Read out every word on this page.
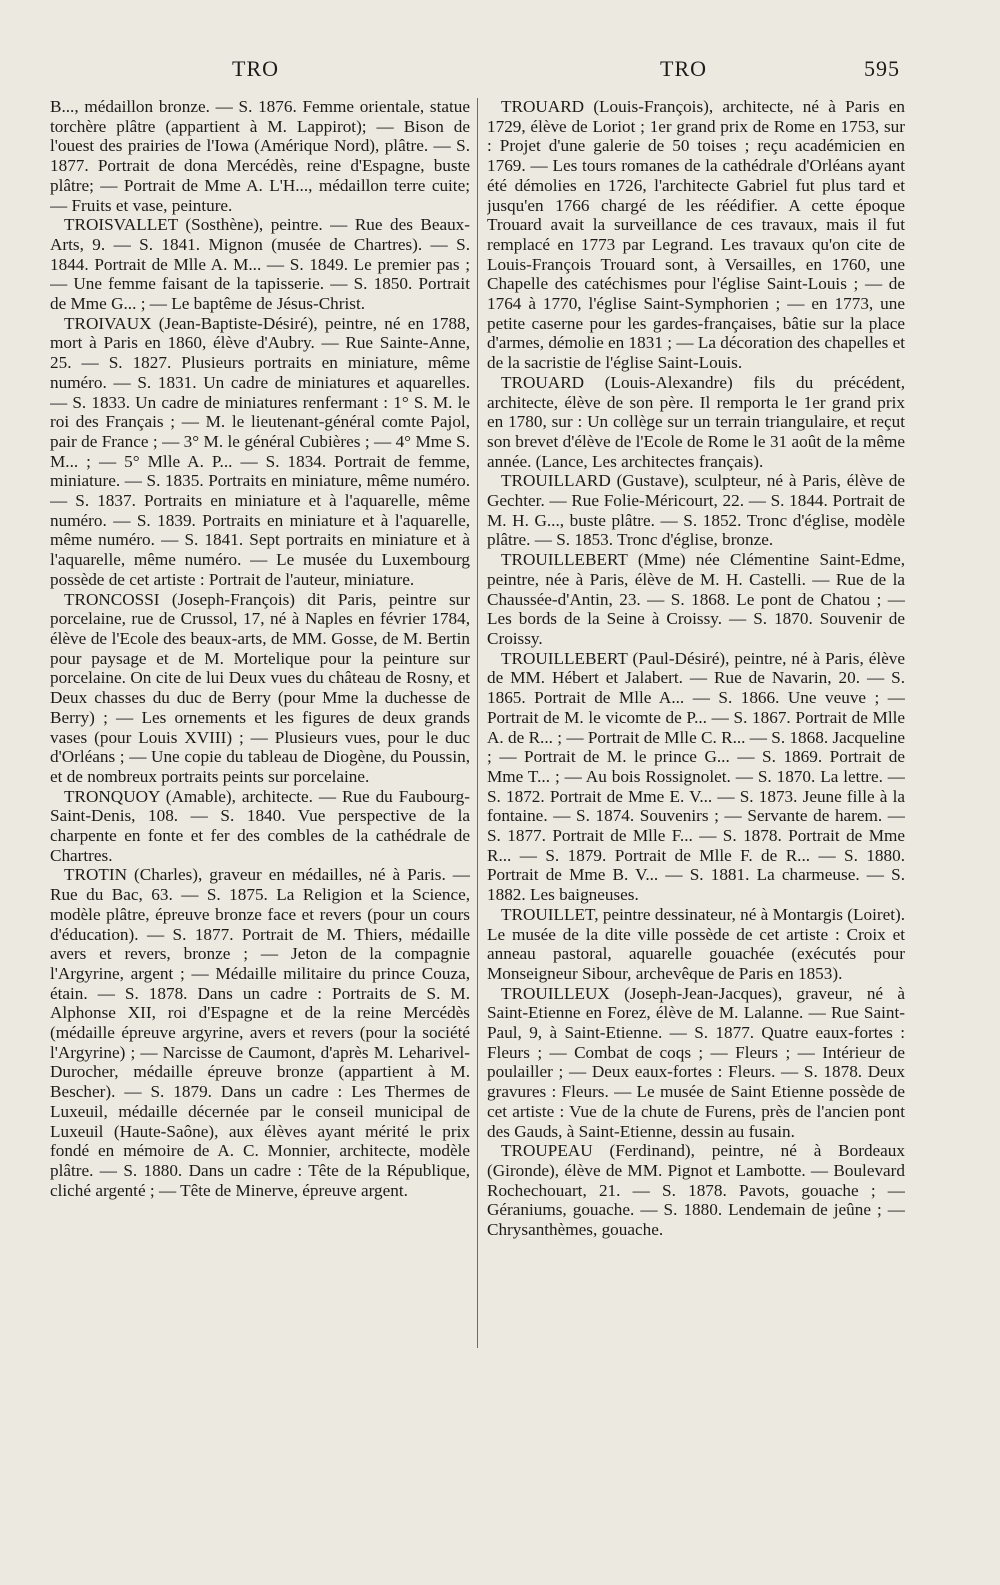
TRO	TRO	595

B..., médaillon bronze. — S. 1876. Femme orientale, statue torchère plâtre (appartient à M. Lappirot); — Bison de l'ouest des prairies de l'Iowa (Amérique Nord), plâtre. — S. 1877. Portrait de dona Mercédès, reine d'Espagne, buste plâtre; — Portrait de Mme A. L'H..., médaillon terre cuite; — Fruits et vase, peinture.

TROISVALLET (Sosthène), peintre. — Rue des Beaux-Arts, 9. — S. 1841. Mignon (musée de Chartres). — S. 1844. Portrait de Mlle A. M... — S. 1849. Le premier pas ; — Une femme faisant de la tapisserie. — S. 1850. Portrait de Mme G... ; — Le baptême de Jésus-Christ.

TROIVAUX (Jean-Baptiste-Désiré), peintre, né en 1788, mort à Paris en 1860, élève d'Aubry. — Rue Sainte-Anne, 25. — S. 1827. Plusieurs portraits en miniature, même numéro. — S. 1831. Un cadre de miniatures et aquarelles. — S. 1833. Un cadre de miniatures renfermant : 1° S. M. le roi des Français ; — M. le lieutenant-général comte Pajol, pair de France ; — 3° M. le général Cubières ; — 4° Mme S. M... ; — 5° Mlle A. P... — S. 1834. Portrait de femme, miniature. — S. 1835. Portraits en miniature, même numéro. — S. 1837. Portraits en miniature et à l'aquarelle, même numéro. — S. 1839. Portraits en miniature et à l'aquarelle, même numéro. — S. 1841. Sept portraits en miniature et à l'aquarelle, même numéro. — Le musée du Luxembourg possède de cet artiste : Portrait de l'auteur, miniature.

TRONCOSSI (Joseph-François) dit Paris, peintre sur porcelaine, rue de Crussol, 17, né à Naples en février 1784, élève de l'Ecole des beaux-arts, de MM. Gosse, de M. Bertin pour paysage et de M. Mortelique pour la peinture sur porcelaine. On cite de lui Deux vues du château de Rosny, et Deux chasses du duc de Berry (pour Mme la duchesse de Berry) ; — Les ornements et les figures de deux grands vases (pour Louis XVIII) ; — Plusieurs vues, pour le duc d'Orléans ; — Une copie du tableau de Diogène, du Poussin, et de nombreux portraits peints sur porcelaine.

TRONQUOY (Amable), architecte. — Rue du Faubourg-Saint-Denis, 108. — S. 1840. Vue perspective de la charpente en fonte et fer des combles de la cathédrale de Chartres.

TROTIN (Charles), graveur en médailles, né à Paris. — Rue du Bac, 63. — S. 1875. La Religion et la Science, modèle plâtre, épreuve bronze face et revers (pour un cours d'éducation). — S. 1877. Portrait de M. Thiers, médaille avers et revers, bronze ; — Jeton de la compagnie l'Argyrine, argent ; — Médaille militaire du prince Couza, étain. — S. 1878. Dans un cadre : Portraits de S. M. Alphonse XII, roi d'Espagne et de la reine Mercédès (médaille épreuve argyrine, avers et revers (pour la société l'Argyrine) ; — Narcisse de Caumont, d'après M. Leharivel-Durocher, médaille épreuve bronze (appartient à M. Bescher). — S. 1879. Dans un cadre : Les Thermes de Luxeuil, médaille décernée par le conseil municipal de Luxeuil (Haute-Saône), aux élèves ayant mérité le prix fondé en mémoire de A. C. Monnier, architecte, modèle plâtre. — S. 1880. Dans un cadre : Tête de la République, cliché argenté ; — Tête de Minerve, épreuve argent.

TROUARD (Louis-François), architecte, né à Paris en 1729, élève de Loriot ; 1er grand prix de Rome en 1753, sur : Projet d'une galerie de 50 toises ; reçu académicien en 1769. — Les tours romanes de la cathédrale d'Orléans ayant été démolies en 1726, l'architecte Gabriel fut plus tard et jusqu'en 1766 chargé de les réédifier. A cette époque Trouard avait la surveillance de ces travaux, mais il fut remplacé en 1773 par Legrand. Les travaux qu'on cite de Louis-François Trouard sont, à Versailles, en 1760, une Chapelle des catéchismes pour l'église Saint-Louis ; — de 1764 à 1770, l'église Saint-Symphorien ; — en 1773, une petite caserne pour les gardes-françaises, bâtie sur la place d'armes, démolie en 1831 ; — La décoration des chapelles et de la sacristie de l'église Saint-Louis.

TROUARD (Louis-Alexandre) fils du précédent, architecte, élève de son père. Il remporta le 1er grand prix en 1780, sur : Un collège sur un terrain triangulaire, et reçut son brevet d'élève de l'Ecole de Rome le 31 août de la même année. (Lance, Les architectes français).

TROUILLARD (Gustave), sculpteur, né à Paris, élève de Gechter. — Rue Folie-Méricourt, 22. — S. 1844. Portrait de M. H. G..., buste plâtre. — S. 1852. Tronc d'église, modèle plâtre. — S. 1853. Tronc d'église, bronze.

TROUILLEBERT (Mme) née Clémentine Saint-Edme, peintre, née à Paris, élève de M. H. Castelli. — Rue de la Chaussée-d'Antin, 23. — S. 1868. Le pont de Chatou ; — Les bords de la Seine à Croissy. — S. 1870. Souvenir de Croissy.

TROUILLEBERT (Paul-Désiré), peintre, né à Paris, élève de MM. Hébert et Jalabert. — Rue de Navarin, 20. — S. 1865. Portrait de Mlle A... — S. 1866. Une veuve ; — Portrait de M. le vicomte de P... — S. 1867. Portrait de Mlle A. de R... ; — Portrait de Mlle C. R... — S. 1868. Jacqueline ; — Portrait de M. le prince G... — S. 1869. Portrait de Mme T... ; — Au bois Rossignolet. — S. 1870. La lettre. — S. 1872. Portrait de Mme E. V... — S. 1873. Jeune fille à la fontaine. — S. 1874. Souvenirs ; — Servante de harem. — S. 1877. Portrait de Mlle F... — S. 1878. Portrait de Mme R... — S. 1879. Portrait de Mlle F. de R... — S. 1880. Portrait de Mme B. V... — S. 1881. La charmeuse. — S. 1882. Les baigneuses.

TROUILLET, peintre dessinateur, né à Montargis (Loiret). Le musée de la dite ville possède de cet artiste : Croix et anneau pastoral, aquarelle gouachée (exécutés pour Monseigneur Sibour, archevêque de Paris en 1853).

TROUILLEUX (Joseph-Jean-Jacques), graveur, né à Saint-Etienne en Forez, élève de M. Lalanne. — Rue Saint-Paul, 9, à Saint-Etienne. — S. 1877. Quatre eaux-fortes : Fleurs ; — Combat de coqs ; — Fleurs ; — Intérieur de poulailler ; — Deux eaux-fortes : Fleurs. — S. 1878. Deux gravures : Fleurs. — Le musée de Saint Etienne possède de cet artiste : Vue de la chute de Furens, près de l'ancien pont des Gauds, à Saint-Etienne, dessin au fusain.

TROUPEAU (Ferdinand), peintre, né à Bordeaux (Gironde), élève de MM. Pignot et Lambotte. — Boulevard Rochechouart, 21. — S. 1878. Pavots, gouache ; — Géraniums, gouache. — S. 1880. Lendemain de jeûne ; — Chrysanthèmes, gouache.
